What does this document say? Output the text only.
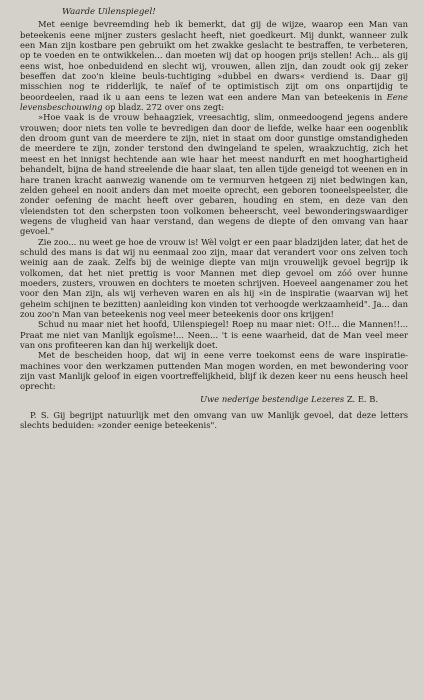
Waarde Uilenspiegel!

Met eenige bevreemding heb ik bemerkt, dat gij de wijze, waarop een Man van beteekenis eene mijner zusters geslacht heeft, niet goedkeurt. Mij dunkt, wanneer zulk een Man zijn kostbare pen gebruikt om het zwakke geslacht te bestraffen, te verbeteren, op te voeden en te ontwikkelen... dan moeten wij dat op hoogen prijs stellen! Ach... als gij eens wist, hoe onbeduidend en slecht wij, vrouwen, allen zijn, dan zoudt ook gij zeker beseffen dat zoo'n kleine beuls-tuchtiging »dubbel en dwars« verdiend is. Daar gij misschien nog te ridderlijk, te naïef of te optimistisch zijt om ons onpartijdig te beoordeelen, raad ik u aan eens te lezen wat een andere Man van beteekenis in Eene levensbeschouwing op bladz. 272 over ons zegt:

»Hoe vaak is de vrouw behaagziek, vreesachtig, slim, onmeedoogend jegens andere vrouwen; door niets ten volle te bevredigen dan door de liefde, welke haar een oogenblik den droom gunt van de meerdere te zijn, niet in staat om door gunstige omstandigheden de meerdere te zijn, zonder terstond den dwingeland te spelen, wraakzuchtig, zich het meest en het innigst hechtende aan wie haar het meest nandurft en met hooghartigheid behandelt, bijna de hand streelende die haar slaat, ten allen tijde geneigd tot weenen en in hare tranen kracht aanwezig wanende om te vermurven hetgeen zij niet bedwingen kan, zelden geheel en nooit anders dan met moeite oprecht, een geboren tooneelspeelster, die zonder oefening de macht heeft over gebaren, houding en stem, en deze van den vleiendsten tot den scherpsten toon volkomen beheerscht, veel bewonderingswaardiger wegens de vlugheid van haar verstand, dan wegens de diepte of den omvang van haar gevoel."

Zie zoo... nu weet ge hoe de vrouw is! Wèl volgt er een paar bladzijden later, dat het de schuld des mans is dat wij nu eenmaal zoo zijn, maar dat verandert voor ons zelven toch weinig aan de zaak. Zelfs bij de weinige diepte van mijn vrouwelijk gevoel begrijp ik volkomen, dat het niet prettig is voor Mannen met diep gevoel om zóó over hunne moeders, zusters, vrouwen en dochters te moeten schrijven. Hoeveel aangenamer zou het voor den Man zijn, als wij verheven waren en als hij »in de inspiratie (waarvan wij het geheim schijnen te bezitten) aanleiding kon vinden tot verhoogde werkzaamheid". Ja... dan zou zoo'n Man van beteekenis nog veel meer beteekenis door ons krijgen!

Schud nu maar niet het hoofd, Uilenspiegel! Roep nu maar niet: O!!... die Mannen!!... Praat me niet van Manlijk egoïsme!... Neen... 't is eene waarheid, dat de Man veel meer van ons profiteeren kan dan hij werkelijk doet.

Met de bescheiden hoop, dat wij in eene verre toekomst eens de ware inspiratie-machines voor den werkzamen puttenden Man mogen worden, en met bewondering voor zijn vast Manlijk geloof in eigen voortreffelijkheid, blijf ik dezen keer nu eens heusch heel oprecht:

Uwe nederige bestendige Lezeres Z. E. B.

P. S. Gij begrijpt natuurlijk met den omvang van uw Manlijk gevoel, dat deze letters slechts beduiden: »zonder eenige beteekenis".
